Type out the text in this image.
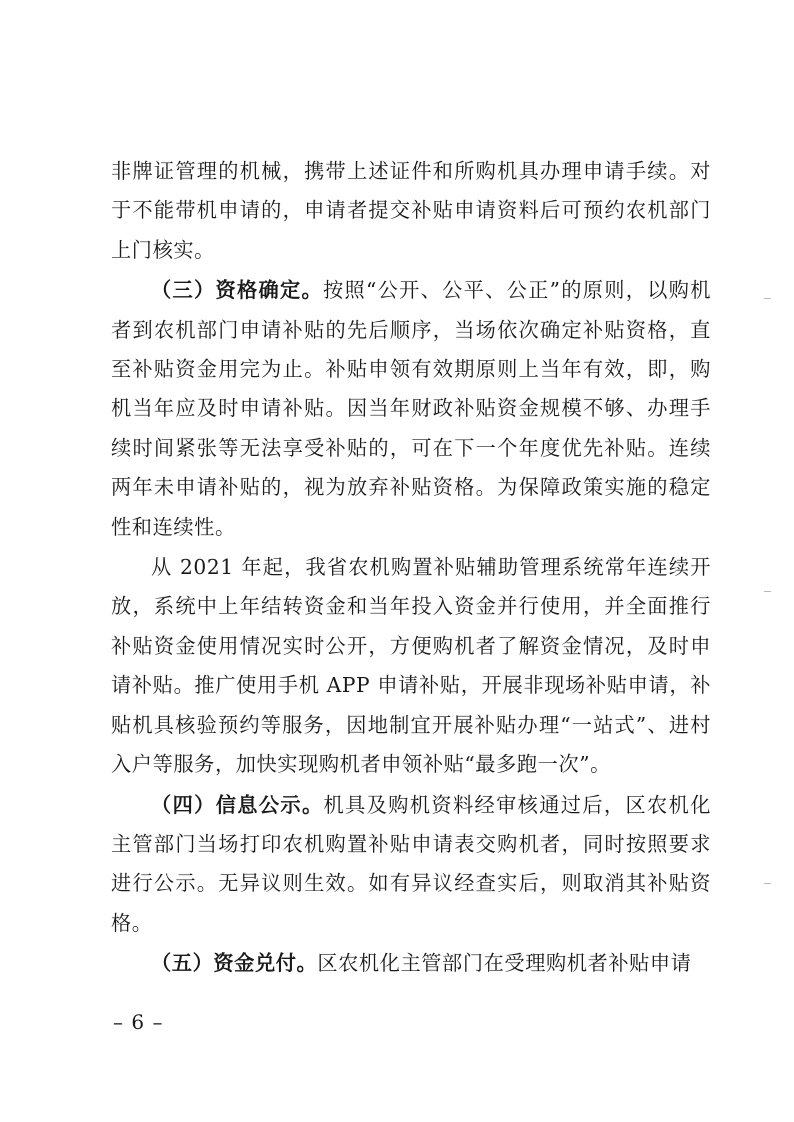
非牌证管理的机械，携带上述证件和所购机具办理申请手续。对于不能带机申请的，申请者提交补贴申请资料后可预约农机部门上门核实。

（三）资格确定。按照“公开、公平、公正”的原则，以购机者到农机部门申请补贴的先后顺序，当场依次确定补贴资格，直至补贴资金用完为止。补贴申领有效期原则上当年有效，即，购机当年应及时申请补贴。因当年财政补贴资金规模不够、办理手续时间紧张等无法享受补贴的，可在下一个年度优先补贴。连续两年未申请补贴的，视为放弃补贴资格。为保障政策实施的稳定性和连续性。

从 2021 年起，我省农机购置补贴辅助管理系统常年连续开放，系统中上年结转资金和当年投入资金并行使用，并全面推行补贴资金使用情况实时公开，方便购机者了解资金情况，及时申请补贴。推广使用手机 APP 申请补贴，开展非现场补贴申请，补贴机具核验预约等服务，因地制宜开展补贴办理“一站式”、进村入户等服务，加快实现购机者申领补贴“最多跑一次”。

（四）信息公示。机具及购机资料经审核通过后，区农机化主管部门当场打印农机购置补贴申请表交购机者，同时按照要求进行公示。无异议则生效。如有异议经查实后，则取消其补贴资格。

（五）资金兑付。区农机化主管部门在受理购机者补贴申请

– 6 –
